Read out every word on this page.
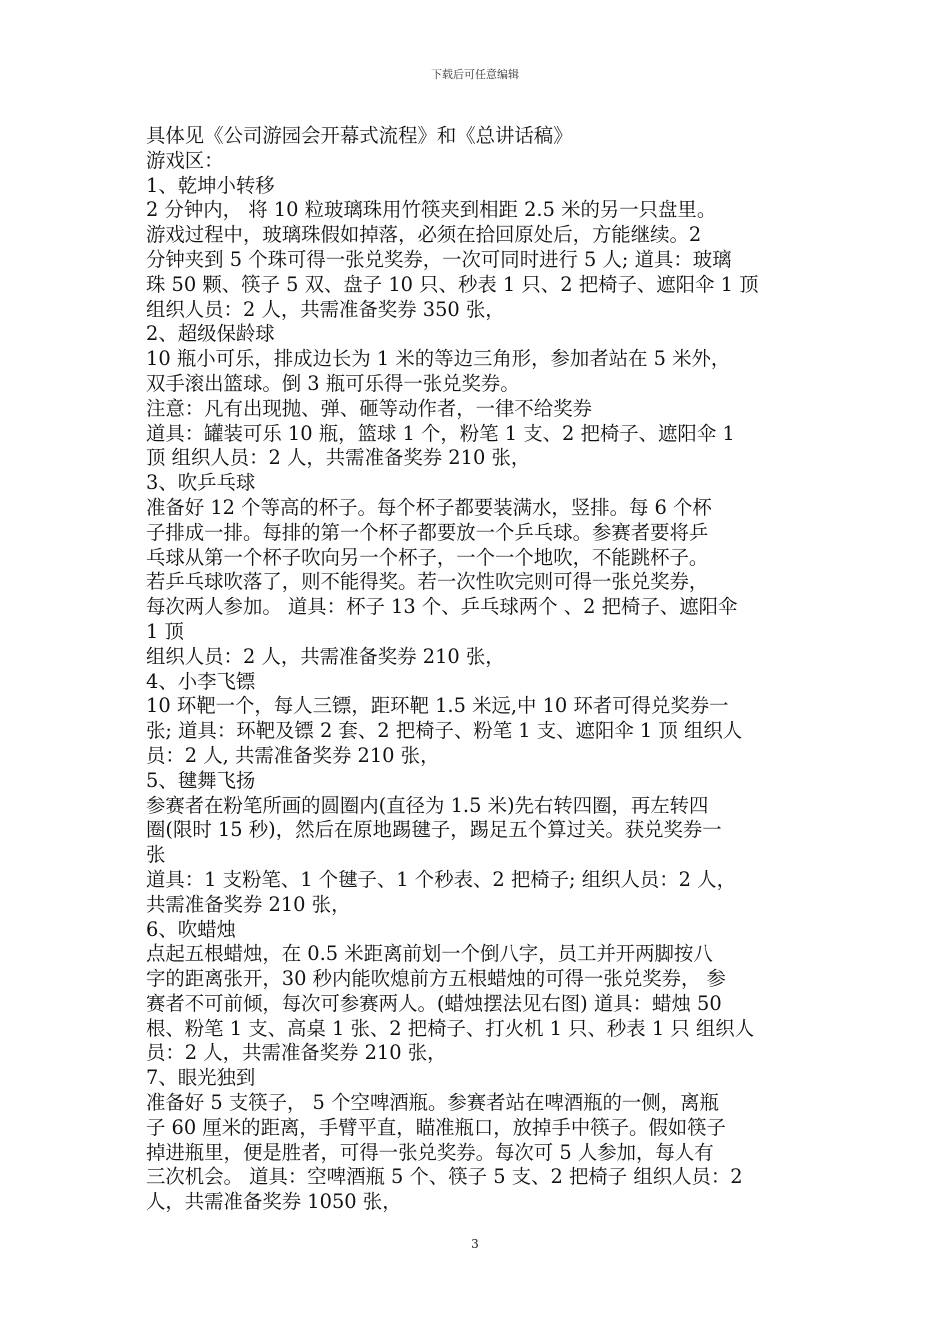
下载后可任意编辑

具体见《公司游园会开幕式流程》和《总讲话稿》

游戏区：

1、乾坤小转移

2 分钟内， 将 10 粒玻璃珠用竹筷夹到相距 2.5 米的另一只盘里。

游戏过程中，玻璃珠假如掉落，必须在拾回原处后，方能继续。2

分钟夹到 5 个珠可得一张兑奖券，一次可同时进行 5 人; 道具：玻璃

珠 50 颗、筷子 5 双、盘子 10 只、秒表 1 只、2 把椅子、遮阳伞 1 顶

组织人员：2 人，共需准备奖券 350 张，

2、超级保龄球

10 瓶小可乐，排成边长为 1 米的等边三角形，参加者站在 5 米外，

双手滚出篮球。倒 3 瓶可乐得一张兑奖券。

注意：凡有出现抛、弹、砸等动作者，一律不给奖券

道具：罐装可乐 10 瓶，篮球 1 个，粉笔 1 支、2 把椅子、遮阳伞 1

顶 组织人员：2 人，共需准备奖券 210 张，

3、吹乒乓球

准备好 12 个等高的杯子。每个杯子都要装满水，竖排。每 6 个杯

子排成一排。每排的第一个杯子都要放一个乒乓球。参赛者要将乒

乓球从第一个杯子吹向另一个杯子，一个一个地吹，不能跳杯子。

若乒乓球吹落了，则不能得奖。若一次性吹完则可得一张兑奖券，

每次两人参加。 道具：杯子 13 个、乒乓球两个 、2 把椅子、遮阳伞

1 顶

组织人员：2 人，共需准备奖券 210 张，

4、小李飞镖

10 环靶一个，每人三镖，距环靶 1.5 米远,中 10 环者可得兑奖券一

张; 道具：环靶及镖 2 套、2 把椅子、粉笔 1 支、遮阳伞 1 顶 组织人

员：2 人, 共需准备奖券 210 张，

5、毽舞飞扬

参赛者在粉笔所画的圆圈内(直径为 1.5 米)先右转四圈，再左转四

圈(限时 15 秒)，然后在原地踢毽子，踢足五个算过关。获兑奖券一

张

道具：1 支粉笔、1 个毽子、1 个秒表、2 把椅子; 组织人员：2 人，

共需准备奖券 210 张，

6、吹蜡烛

点起五根蜡烛，在 0.5 米距离前划一个倒八字，员工并开两脚按八

字的距离张开，30 秒内能吹熄前方五根蜡烛的可得一张兑奖券， 参

赛者不可前倾，每次可参赛两人。(蜡烛摆法见右图) 道具：蜡烛 50

根、粉笔 1 支、高桌 1 张、2 把椅子、打火机 1 只、秒表 1 只 组织人

员：2 人，共需准备奖券 210 张，

7、眼光独到

准备好 5 支筷子， 5 个空啤酒瓶。参赛者站在啤酒瓶的一侧，离瓶

子 60 厘米的距离，手臂平直，瞄准瓶口，放掉手中筷子。假如筷子

掉进瓶里，便是胜者，可得一张兑奖券。每次可 5 人参加，每人有

三次机会。 道具：空啤酒瓶 5 个、筷子 5 支、2 把椅子 组织人员：2

人，共需准备奖券 1050 张，

3
